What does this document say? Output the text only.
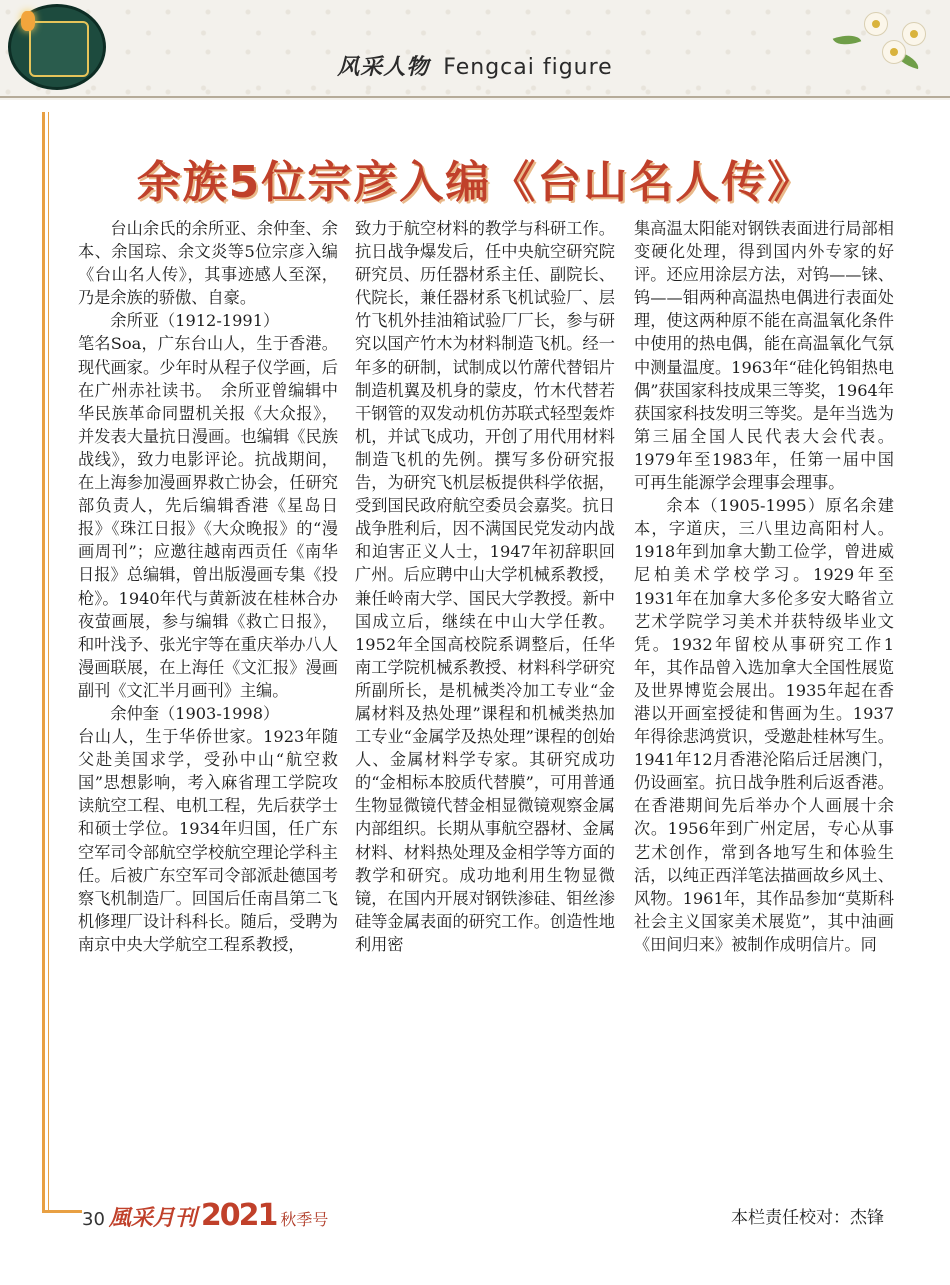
风采人物 Fengcai figure
余族5位宗彦入编《台山名人传》

台山余氏的余所亚、余仲奎、余本、余国琮、余文炎等5位宗彦入编《台山名人传》，其事迹感人至深，乃是余族的骄傲、自豪。

余所亚（1912-1991）

笔名Soa，广东台山人，生于香港。现代画家。少年时从程子仪学画，后在广州赤社读书。　余所亚曾编辑中华民族革命同盟机关报《大众报》，并发表大量抗日漫画。也编辑《民族战线》，致力电影评论。抗战期间，在上海参加漫画界救亡协会，任研究部负责人，先后编辑香港《星岛日报》《珠江日报》《大众晚报》的“漫画周刊”；应邀往越南西贡任《南华日报》总编辑，曾出版漫画专集《投枪》。1940年代与黄新波在桂林合办夜萤画展，参与编辑《救亡日报》，和叶浅予、张光宇等在重庆举办八人漫画联展，在上海任《文汇报》漫画副刊《文汇半月画刊》主编。

余仲奎（1903-1998）

台山人，生于华侨世家。1923年随父赴美国求学，受孙中山“航空救国”思想影响，考入麻省理工学院攻读航空工程、电机工程，先后获学士和硕士学位。1934年归国，任广东空军司令部航空学校航空理论学科主任。后被广东空军司令部派赴德国考察飞机制造厂。回国后任南昌第二飞机修理厂设计科科长。随后，受聘为南京中央大学航空工程系教授，

致力于航空材料的教学与科研工作。抗日战争爆发后，任中央航空研究院研究员、历任器材系主任、副院长、代院长，兼任器材系飞机试验厂、层竹飞机外挂油箱试验厂厂长，参与研究以国产竹木为材料制造飞机。经一年多的研制，试制成以竹蓆代替铝片制造机翼及机身的蒙皮，竹木代替若干钢管的双发动机仿苏联式轻型轰炸机，并试飞成功，开创了用代用材料制造飞机的先例。撰写多份研究报告，为研究飞机层板提供科学依据，受到国民政府航空委员会嘉奖。抗日战争胜利后，因不满国民党发动内战和迫害正义人士，1947年初辞职回广州。后应聘中山大学机械系教授，兼任岭南大学、国民大学教授。新中国成立后，继续在中山大学任教。1952年全国高校院系调整后，任华南工学院机械系教授、材料科学研究所副所长，是机械类冷加工专业“金属材料及热处理”课程和机械类热加工专业“金属学及热处理”课程的创始人、金属材料学专家。其研究成功的“金相标本胶质代替膜”，可用普通生物显微镜代替金相显微镜观察金属内部组织。长期从事航空器材、金属材料、材料热处理及金相学等方面的教学和研究。成功地利用生物显微镜，在国内开展对钢铁渗硅、钼丝渗硅等金属表面的研究工作。创造性地利用密

集高温太阳能对钢铁表面进行局部相变硬化处理，得到国内外专家的好评。还应用涂层方法，对钨——铼、钨——钼两种高温热电偶进行表面处理，使这两种原不能在高温氧化条件中使用的热电偶，能在高温氧化气氛中测量温度。1963年“硅化钨钼热电偶”获国家科技成果三等奖，1964年获国家科技发明三等奖。是年当选为第三届全国人民代表大会代表。1979年至1983年，任第一届中国可再生能源学会理事会理事。

余本（1905-1995）原名余建本，字道庆，三八里边高阳村人。1918年到加拿大勤工俭学，曾进威尼柏美术学校学习。1929年至1931年在加拿大多伦多安大略省立艺术学院学习美术并获特级毕业文凭。1932年留校从事研究工作1年，其作品曾入选加拿大全国性展览及世界博览会展出。1935年起在香港以开画室授徒和售画为生。1937年得徐悲鸿赏识，受邀赴桂林写生。1941年12月香港沦陷后迁居澳门，仍设画室。抗日战争胜利后返香港。在香港期间先后举办个人画展十余次。1956年到广州定居，专心从事艺术创作，常到各地写生和体验生活，以纯正西洋笔法描画故乡风土、风物。1961年，其作品参加“莫斯科社会主义国家美术展览”，其中油画《田间归来》被制作成明信片。同

30 風采月刊 2021 秋季号	本栏责任校对：杰锋
